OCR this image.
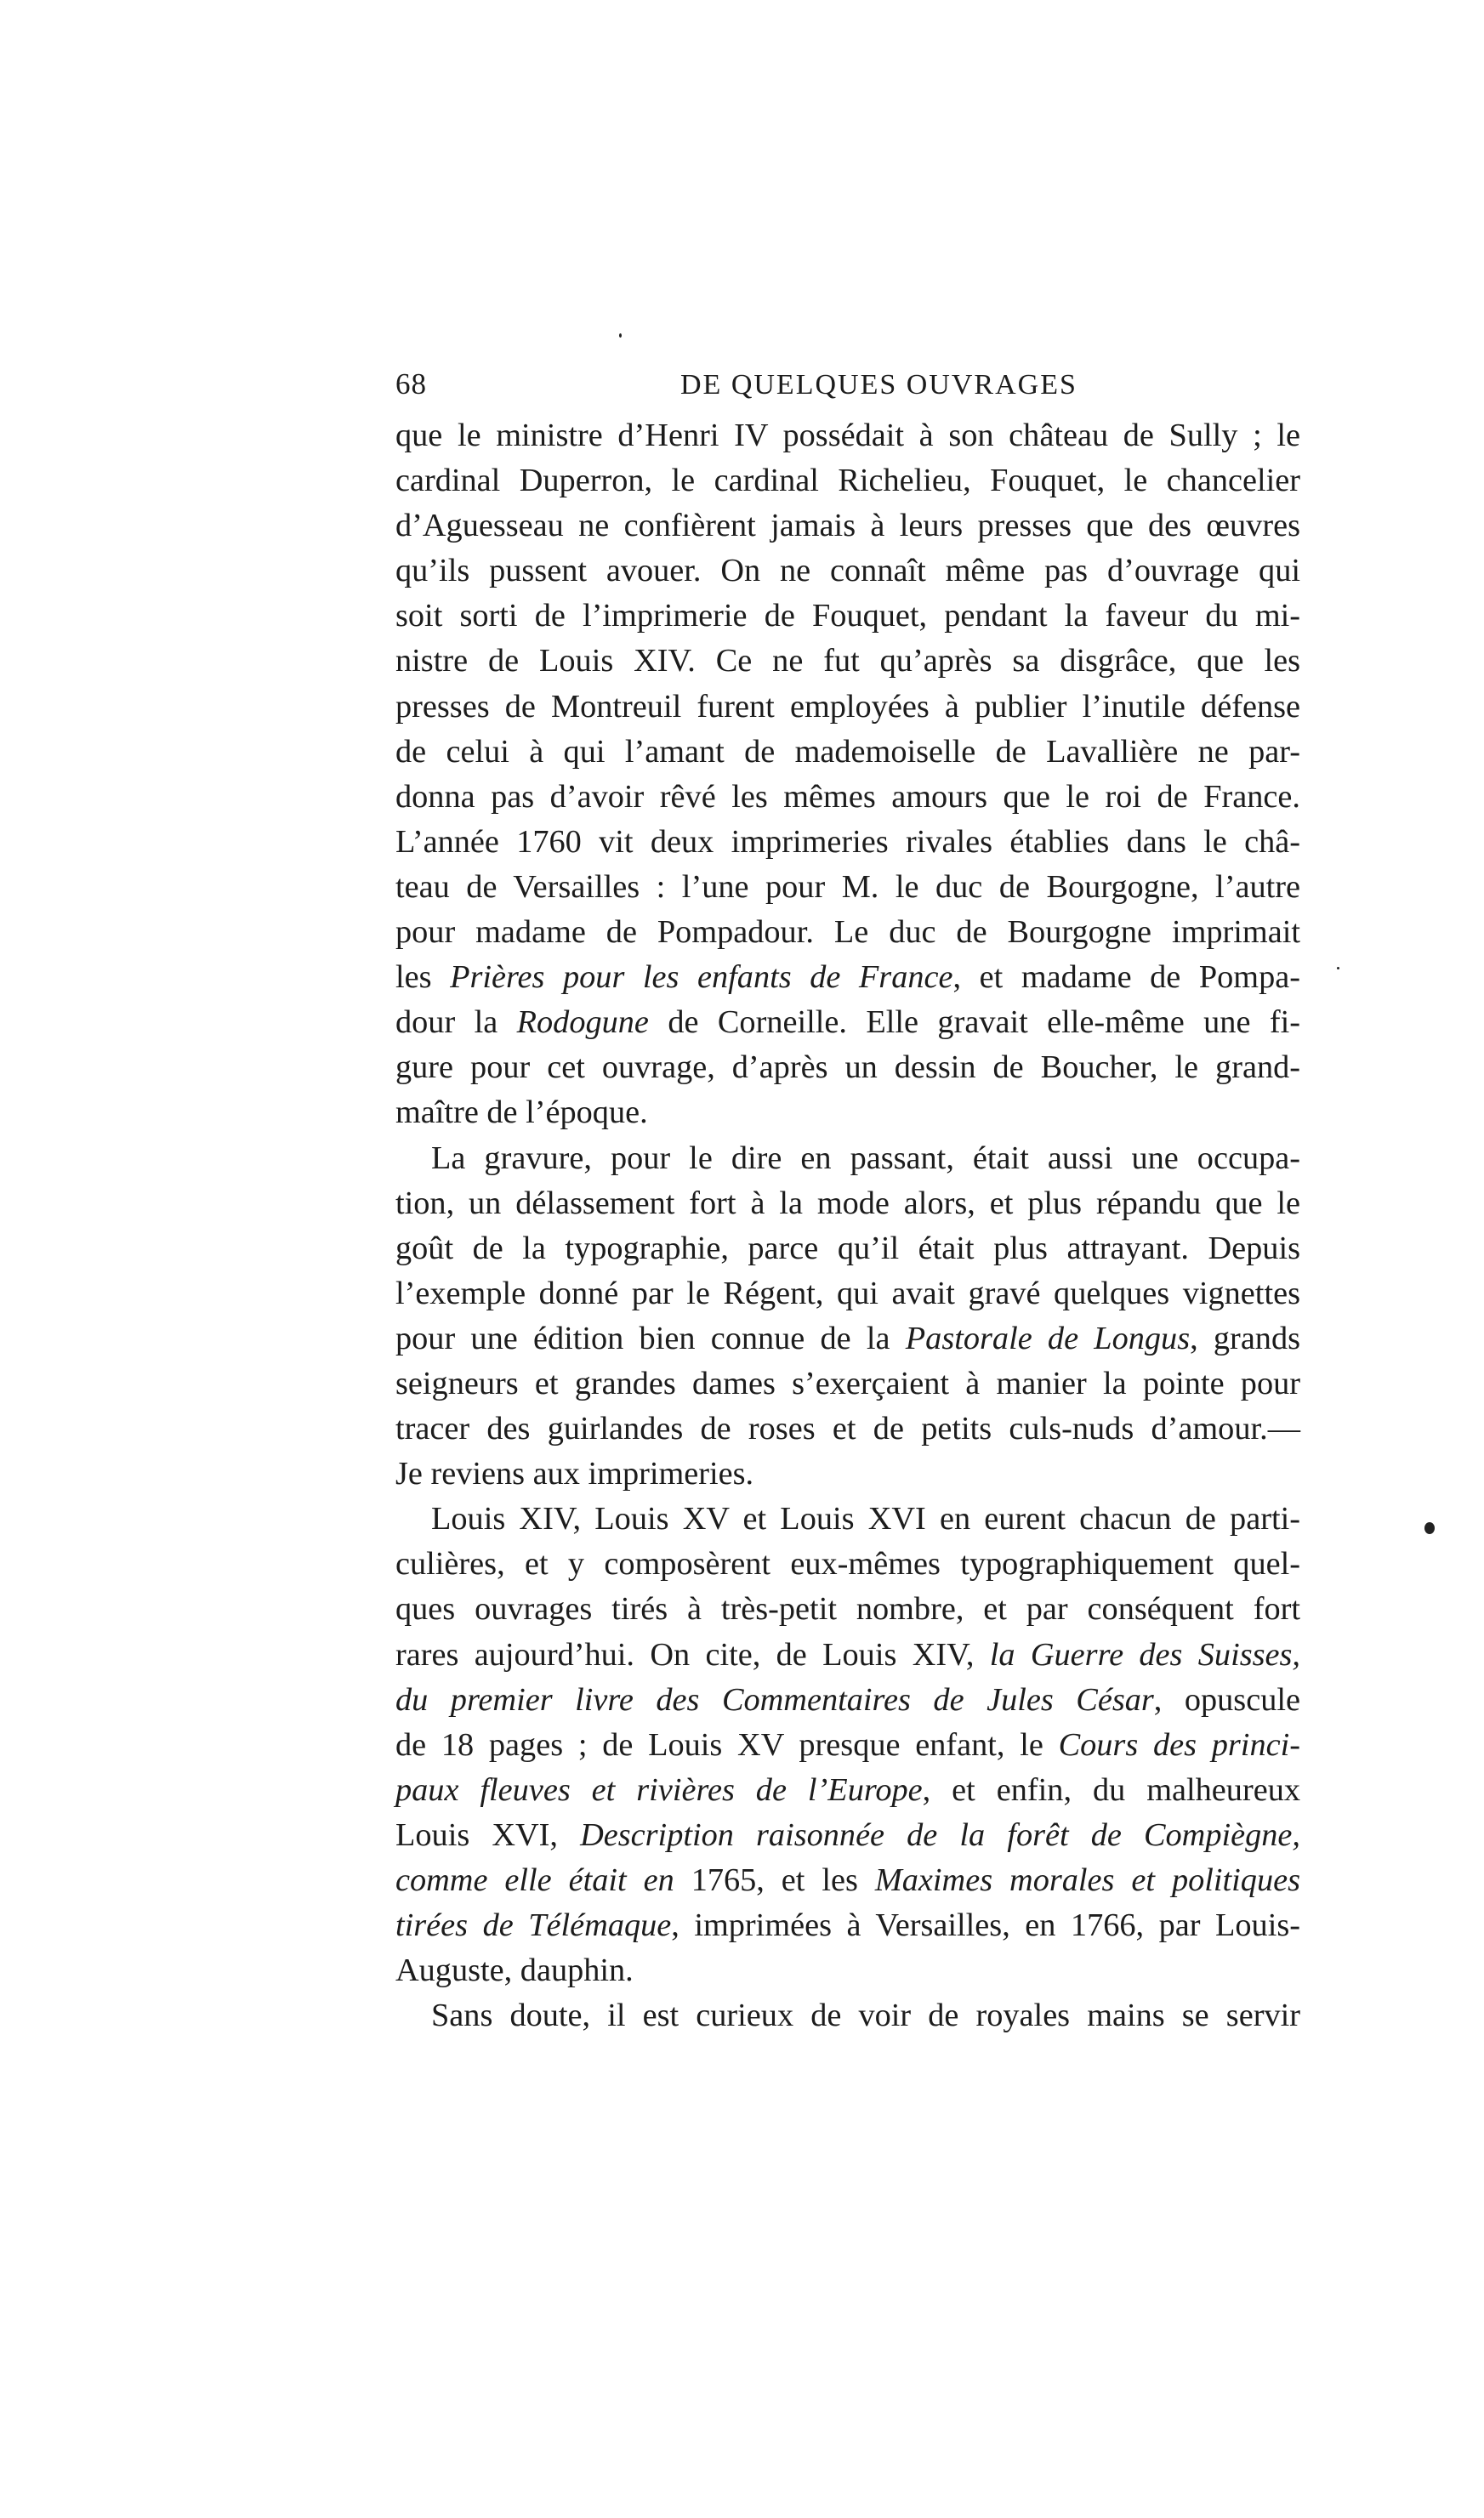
68	DE QUELQUES OUVRAGES
que le ministre d’Henri IV possédait à son château de Sully ; le
cardinal Duperron, le cardinal Richelieu, Fouquet, le chancelier
d’Aguesseau ne confièrent jamais à leurs presses que des œuvres
qu’ils pussent avouer. On ne connaît même pas d’ouvrage qui
soit sorti de l’imprimerie de Fouquet, pendant la faveur du mi-
nistre de Louis XIV. Ce ne fut qu’après sa disgrâce, que les
presses de Montreuil furent employées à publier l’inutile défense
de celui à qui l’amant de mademoiselle de Lavallière ne par-
donna pas d’avoir rêvé les mêmes amours que le roi de France.
L’année 1760 vit deux imprimeries rivales établies dans le châ-
teau de Versailles : l’une pour M. le duc de Bourgogne, l’autre
pour madame de Pompadour. Le duc de Bourgogne imprimait
les Prières pour les enfants de France, et madame de Pompa-
dour la Rodogune de Corneille. Elle gravait elle-même une fi-
gure pour cet ouvrage, d’après un dessin de Boucher, le grand-
maître de l’époque.
La gravure, pour le dire en passant, était aussi une occupa-
tion, un délassement fort à la mode alors, et plus répandu que le
goût de la typographie, parce qu’il était plus attrayant. Depuis
l’exemple donné par le Régent, qui avait gravé quelques vignettes
pour une édition bien connue de la Pastorale de Longus, grands
seigneurs et grandes dames s’exerçaient à manier la pointe pour
tracer des guirlandes de roses et de petits culs-nuds d’amour.—
Je reviens aux imprimeries.
Louis XIV, Louis XV et Louis XVI en eurent chacun de parti-
culières, et y composèrent eux-mêmes typographiquement quel-
ques ouvrages tirés à très-petit nombre, et par conséquent fort
rares aujourd’hui. On cite, de Louis XIV, la Guerre des Suisses,
du premier livre des Commentaires de Jules César, opuscule
de 18 pages ; de Louis XV presque enfant, le Cours des princi-
paux fleuves et rivières de l’Europe, et enfin, du malheureux
Louis XVI, Description raisonnée de la forêt de Compiègne,
comme elle était en 1765, et les Maximes morales et politiques
tirées de Télémaque, imprimées à Versailles, en 1766, par Louis-
Auguste, dauphin.
Sans doute, il est curieux de voir de royales mains se servir
